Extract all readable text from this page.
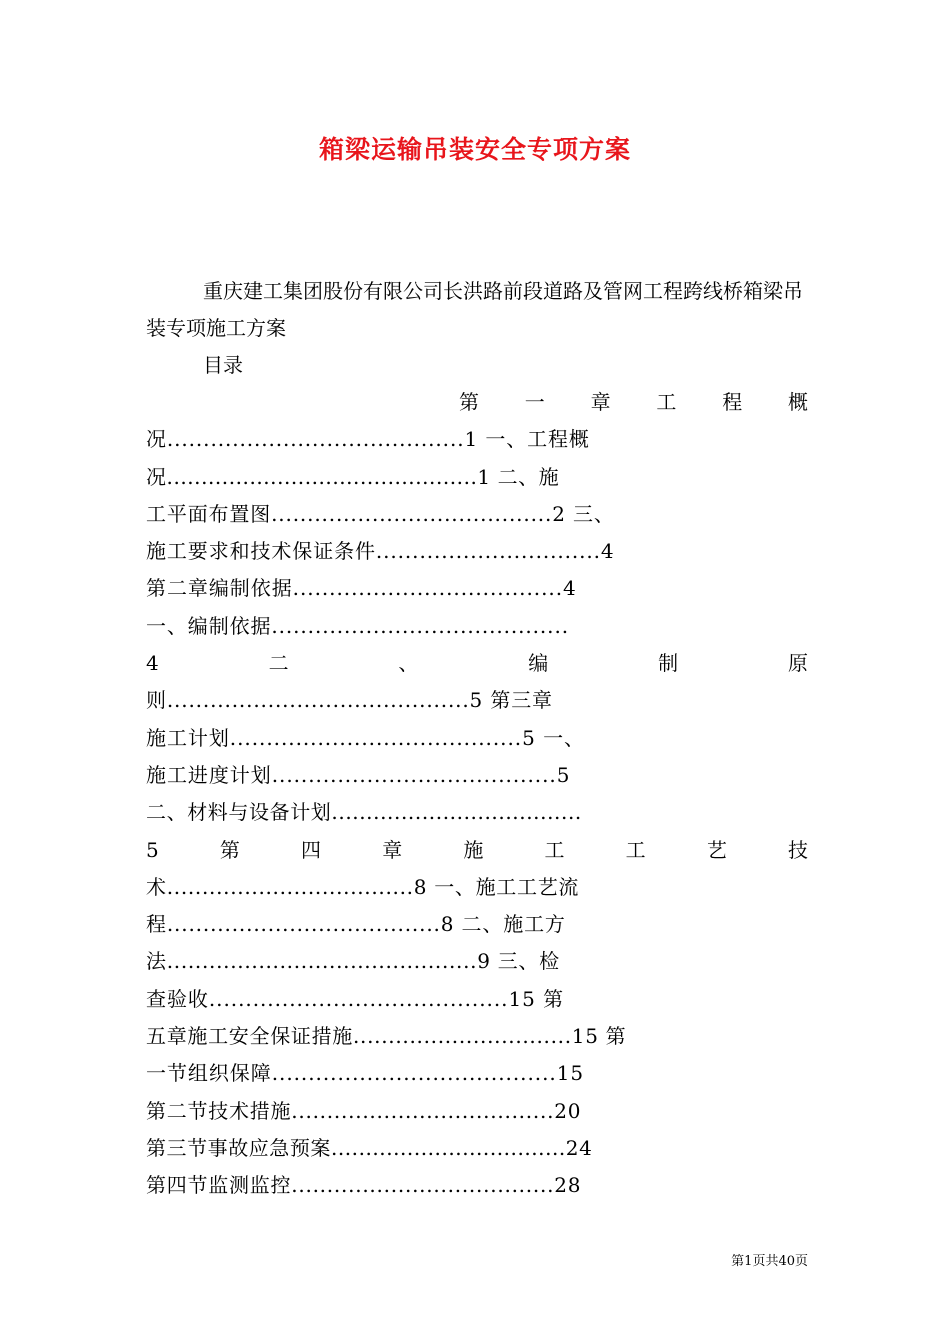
箱梁运输吊装安全专项方案

重庆建工集团股份有限公司长洪路前段道路及管网工程跨线桥箱梁吊装专项施工方案

目录
第一章工程概
况.........................................1 一、工程概
况.............................................1 二、施
工平面布置图.......................................2 三、
施工要求和技术保证条件...............................4
第二章编制依据.....................................4
一、编制依据.........................................
4二、编制原
则..........................................5 第三章
施工计划........................................5 一、
施工进度计划.......................................5
二、材料与设备计划....................................
5第四章施工工艺技
术...................................8 一、施工工艺流
程......................................8 二、施工方
法............................................9 三、检
查验收.........................................15 第
五章施工安全保证措施...............................15 第
一节组织保障.......................................15
第二节技术措施.....................................20
第三节事故应急预案..................................24
第四节监测监控.....................................28
第1页共40页
